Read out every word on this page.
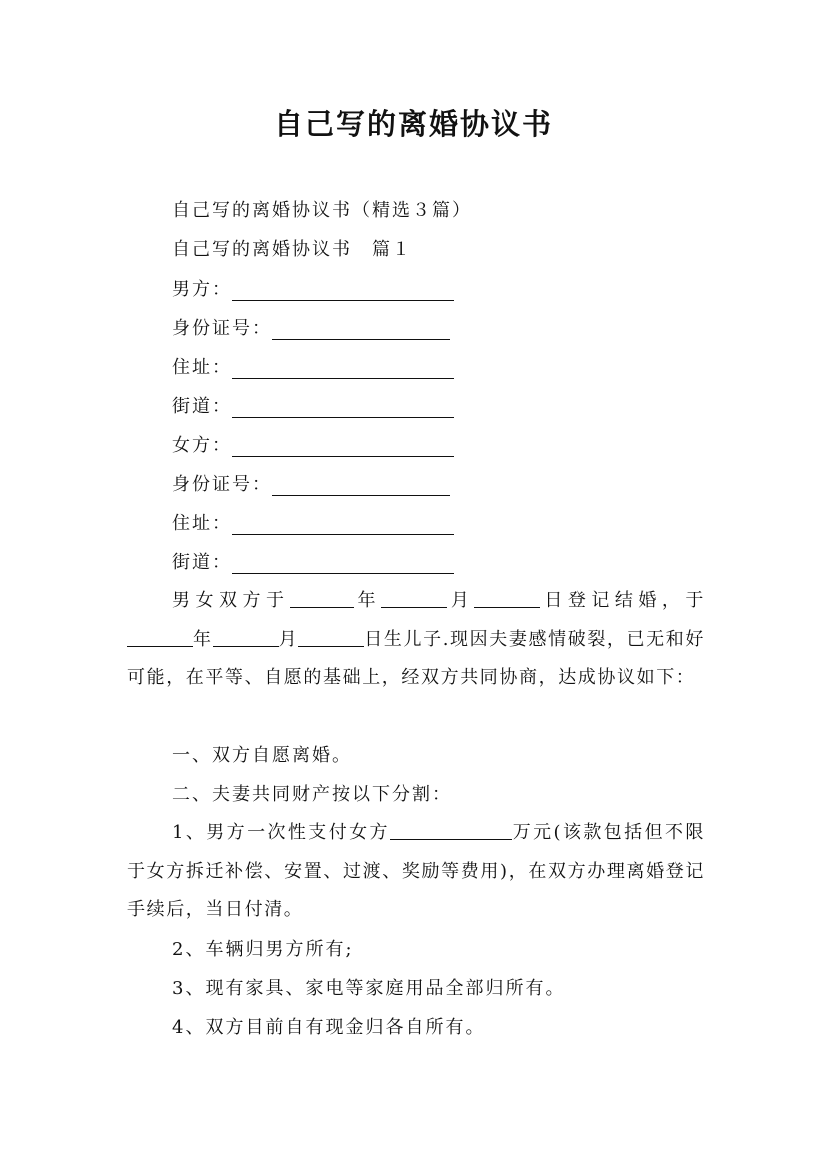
自己写的离婚协议书
自己写的离婚协议书（精选３篇）
自己写的离婚协议书　篇１
男方：
身份证号：
住址：
街道：
女方：
身份证号：
住址：
街道：
男女双方于	年	月	日登记结婚，于年	月	日生儿子.现因夫妻感情破裂，已无和好可能，在平等、自愿的基础上，经双方共同协商，达成协议如下：
一、双方自愿离婚。
二、夫妻共同财产按以下分割：
1、男方一次性支付女方	万元(该款包括但不限于女方拆迁补偿、安置、过渡、奖励等费用)，在双方办理离婚登记手续后，当日付清。
2、车辆归男方所有;
3、现有家具、家电等家庭用品全部归所有。
4、双方目前自有现金归各自所有。
